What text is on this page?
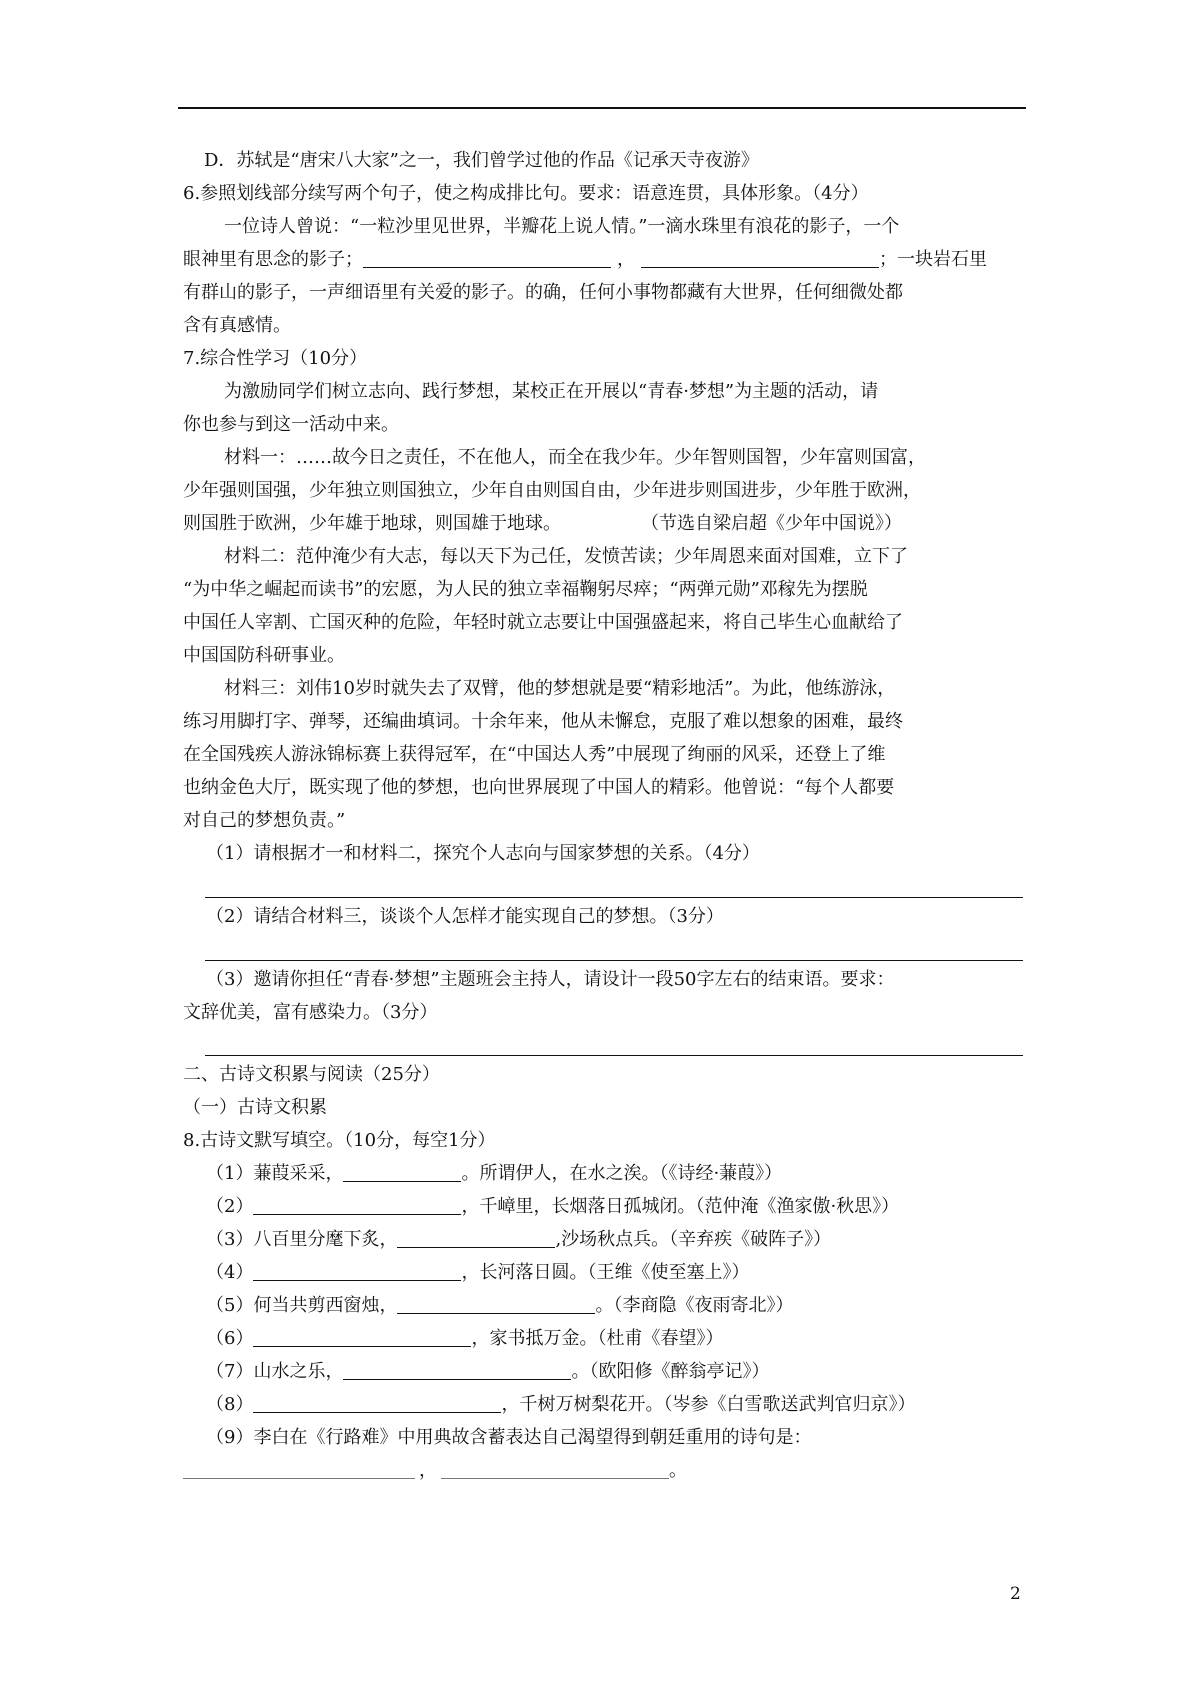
D．苏轼是“唐宋八大家”之一，我们曾学过他的作品《记承天寺夜游》
6.参照划线部分续写两个句子，使之构成排比句。要求：语意连贯，具体形象。（4分）
一位诗人曾说：“一粒沙里见世界，半瓣花上说人情。”一滴水珠里有浪花的影子，一个
眼神里有思念的影子；	，	；一块岩石里
有群山的影子，一声细语里有关爱的影子。的确，任何小事物都藏有大世界，任何细微处都
含有真感情。
7.综合性学习（10分）
为激励同学们树立志向、践行梦想，某校正在开展以“青春·梦想”为主题的活动，请
你也参与到这一活动中来。
材料一：……故今日之责任，不在他人，而全在我少年。少年智则国智，少年富则国富，
少年强则国强，少年独立则国独立，少年自由则国自由，少年进步则国进步，少年胜于欧洲，
则国胜于欧洲，少年雄于地球，则国雄于地球。	（节选自梁启超《少年中国说》）
材料二：范仲淹少有大志，每以天下为己任，发愤苦读；少年周恩来面对国难，立下了
“为中华之崛起而读书”的宏愿，为人民的独立幸福鞠躬尽瘁；“两弹元勋”邓稼先为摆脱
中国任人宰割、亡国灭种的危险，年轻时就立志要让中国强盛起来，将自己毕生心血献给了
中国国防科研事业。
材料三：刘伟10岁时就失去了双臂，他的梦想就是要“精彩地活”。为此，他练游泳，
练习用脚打字、弹琴，还编曲填词。十余年来，他从未懈怠，克服了难以想象的困难，最终
在全国残疾人游泳锦标赛上获得冠军，在“中国达人秀”中展现了绚丽的风采，还登上了维
也纳金色大厅，既实现了他的梦想，也向世界展现了中国人的精彩。他曾说：“每个人都要
对自己的梦想负责。”
（1）请根据才一和材料二，探究个人志向与国家梦想的关系。（4分）
（2）请结合材料三，谈谈个人怎样才能实现自己的梦想。（3分）
（3）邀请你担任“青春·梦想”主题班会主持人，请设计一段50字左右的结束语。要求：
文辞优美，富有感染力。（3分）
二、古诗文积累与阅读（25分）
（一）古诗文积累
8.古诗文默写填空。（10分，每空1分）
（1）蒹葭采采，	。所谓伊人，在水之涘。（《诗经·蒹葭》）
（2）	，千嶂里，长烟落日孤城闭。（范仲淹《渔家傲·秋思》）
（3）八百里分麾下炙，	,沙场秋点兵。（辛弃疾《破阵子》）
（4）	，长河落日圆。（王维《使至塞上》）
（5）何当共剪西窗烛，	。（李商隐《夜雨寄北》）
（6）	，家书抵万金。（杜甫《春望》）
（7）山水之乐，	。（欧阳修《醉翁亭记》）
（8）	，千树万树梨花开。（岑参《白雪歌送武判官归京》）
（9）李白在《行路难》中用典故含蓄表达自己渴望得到朝廷重用的诗句是：
，	。
2
